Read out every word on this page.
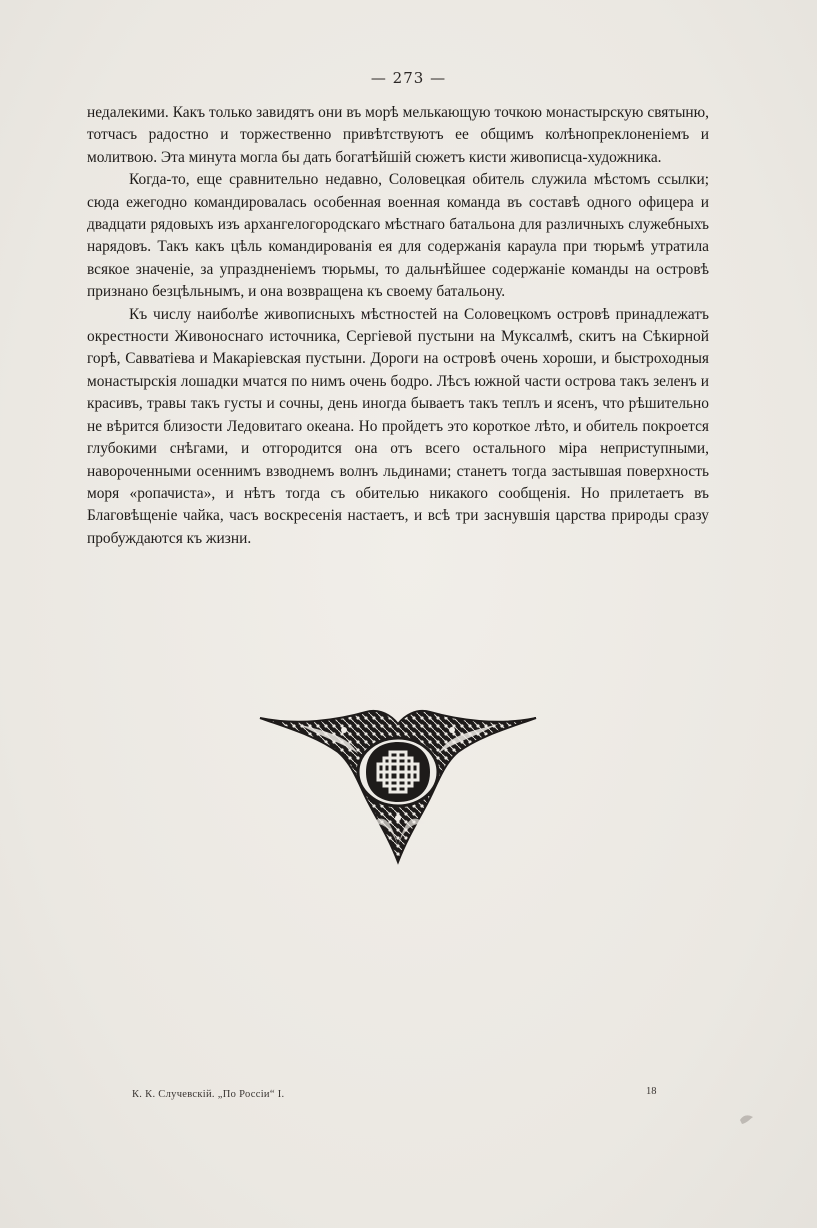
— 273 —

недалекими. Какъ только завидятъ они въ морѣ мелькающую точкою монастырскую святыню, тотчасъ радостно и торжественно привѣтствуютъ ее общимъ колѣнопреклоненіемъ и молитвою. Эта минута могла бы дать богатѣйшій сюжетъ кисти живописца-художника.

Когда-то, еще сравнительно недавно, Соловецкая обитель служила мѣстомъ ссылки; сюда ежегодно командировалась особенная военная команда въ составѣ одного офицера и двадцати рядовыхъ изъ архангелогородскаго мѣстнаго батальона для различныхъ служебныхъ нарядовъ. Такъ какъ цѣль командированія ея для содержанія караула при тюрьмѣ утратила всякое значеніе, за упраздненіемъ тюрьмы, то дальнѣйшее содержаніе команды на островѣ признано безцѣльнымъ, и она возвращена къ своему батальону.

Къ числу наиболѣе живописныхъ мѣстностей на Соловецкомъ островѣ принадлежатъ окрестности Живоноснаго источника, Сергіевой пустыни на Муксалмѣ, скитъ на Сѣкирной горѣ, Савватіева и Макаріевская пустыни. Дороги на островѣ очень хороши, и быстроходныя монастырскія лошадки мчатся по нимъ очень бодро. Лѣсъ южной части острова такъ зеленъ и красивъ, травы такъ густы и сочны, день иногда бываетъ такъ теплъ и ясенъ, что рѣшительно не вѣрится близости Ледовитаго океана. Но пройдетъ это короткое лѣто, и обитель покроется глубокими снѣгами, и отгородится она отъ всего остального міра неприступными, навороченными осеннимъ взводнемъ волнъ льдинами; станетъ тогда застывшая поверхность моря «ропачиста», и нѣтъ тогда съ обителью никакого сообщенія. Но прилетаетъ въ Благовѣщеніе чайка, часъ воскресенія настаетъ, и всѣ три заснувшія царства природы сразу пробуждаются къ жизни.

К. К. Случевскій. „По Россіи“ I.	18
